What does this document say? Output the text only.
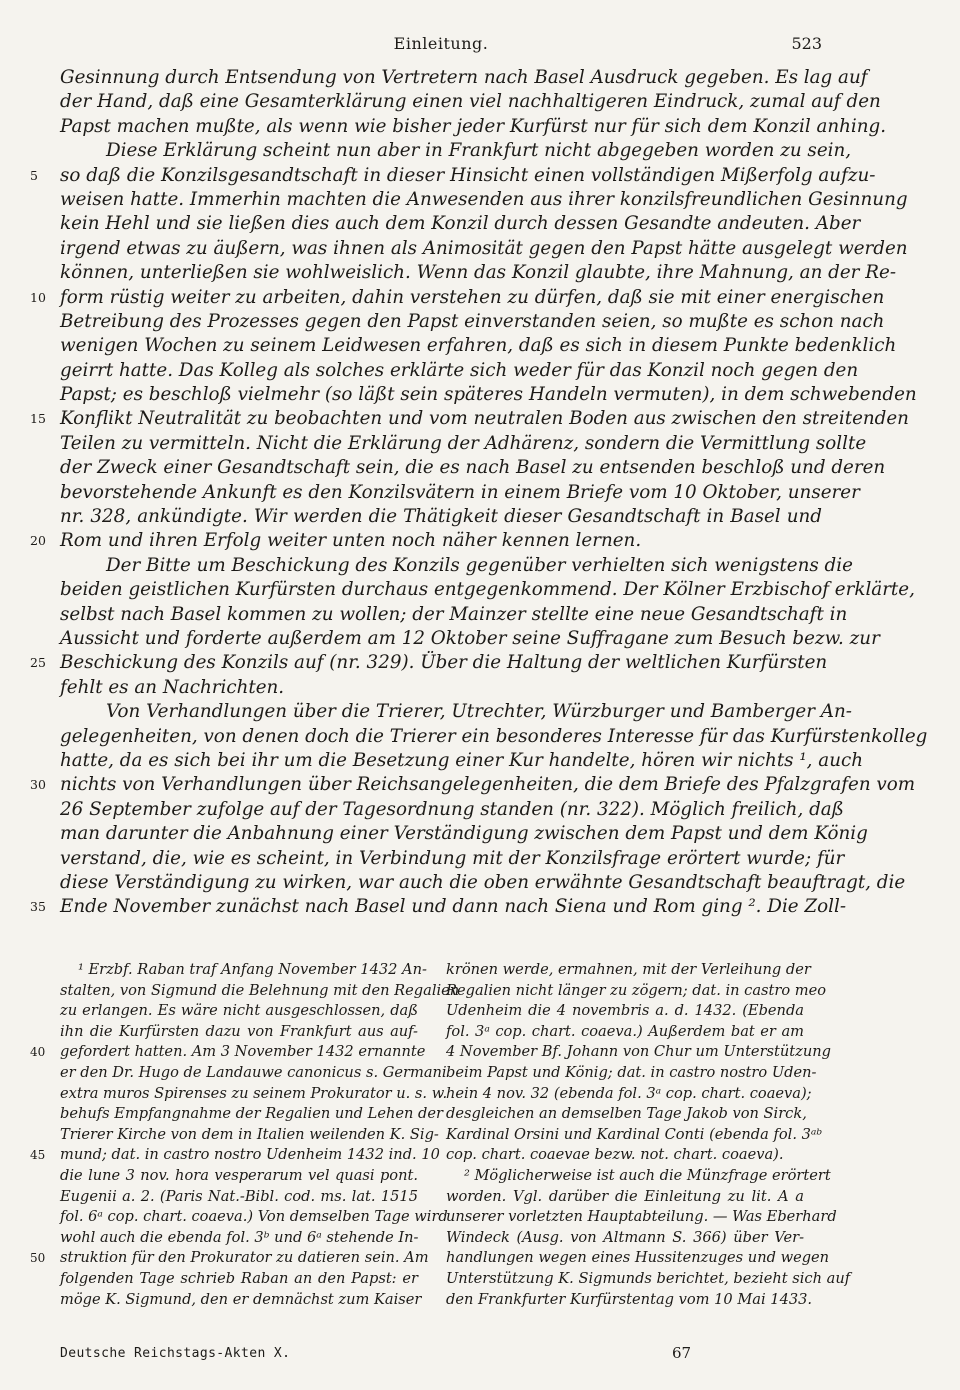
Einleitung.	523
Gesinnung durch Entsendung von Vertretern nach Basel Ausdruck gegeben. Es lag auf
der Hand, daß eine Gesamterklärung einen viel nachhaltigeren Eindruck, zumal auf den
Papst machen mußte, als wenn wie bisher jeder Kurfürst nur für sich dem Konzil anhing.
Diese Erklärung scheint nun aber in Frankfurt nicht abgegeben worden zu sein,
5	so daß die Konzilsgesandtschaft in dieser Hinsicht einen vollständigen Mißerfolg aufzu-
weisen hatte. Immerhin machten die Anwesenden aus ihrer konzilsfreundlichen Gesinnung
kein Hehl und sie ließen dies auch dem Konzil durch dessen Gesandte andeuten. Aber
irgend etwas zu äußern, was ihnen als Animosität gegen den Papst hätte ausgelegt werden
können, unterließen sie wohlweislich. Wenn das Konzil glaubte, ihre Mahnung, an der Re-
10 form rüstig weiter zu arbeiten, dahin verstehen zu dürfen, daß sie mit einer energischen
Betreibung des Prozesses gegen den Papst einverstanden seien, so mußte es schon nach
wenigen Wochen zu seinem Leidwesen erfahren, daß es sich in diesem Punkte bedenklich
geirrt hatte. Das Kolleg als solches erklärte sich weder für das Konzil noch gegen den
Papst; es beschloß vielmehr (so läßt sein späteres Handeln vermuten), in dem schwebenden
15 Konflikt Neutralität zu beobachten und vom neutralen Boden aus zwischen den streitenden
Teilen zu vermitteln. Nicht die Erklärung der Adhärenz, sondern die Vermittlung sollte
der Zweck einer Gesandtschaft sein, die es nach Basel zu entsenden beschloß und deren
bevorstehende Ankunft es den Konzilsvätern in einem Briefe vom 10 Oktober, unserer
nr. 328, ankündigte. Wir werden die Thätigkeit dieser Gesandtschaft in Basel und
20 Rom und ihren Erfolg weiter unten noch näher kennen lernen.
Der Bitte um Beschickung des Konzils gegenüber verhielten sich wenigstens die
beiden geistlichen Kurfürsten durchaus entgegenkommend. Der Kölner Erzbischof erklärte,
selbst nach Basel kommen zu wollen; der Mainzer stellte eine neue Gesandtschaft in
Aussicht und forderte außerdem am 12 Oktober seine Suffragane zum Besuch bezw. zur
25 Beschickung des Konzils auf (nr. 329). Über die Haltung der weltlichen Kurfürsten
fehlt es an Nachrichten.
Von Verhandlungen über die Trierer, Utrechter, Würzburger und Bamberger An-
gelegenheiten, von denen doch die Trierer ein besonderes Interesse für das Kurfürstenkolleg
hatte, da es sich bei ihr um die Besetzung einer Kur handelte, hören wir nichts ¹, auch
30 nichts von Verhandlungen über Reichsangelegenheiten, die dem Briefe des Pfalzgrafen vom
26 September zufolge auf der Tagesordnung standen (nr. 322). Möglich freilich, daß
man darunter die Anbahnung einer Verständigung zwischen dem Papst und dem König
verstand, die, wie es scheint, in Verbindung mit der Konzilsfrage erörtert wurde; für
diese Verständigung zu wirken, war auch die oben erwähnte Gesandtschaft beauftragt, die
35 Ende November zunächst nach Basel und dann nach Siena und Rom ging ². Die Zoll-
¹ Erzbf. Raban traf Anfang November 1432 An-
stalten, von Sigmund die Belehnung mit den Regalien
zu erlangen. Es wäre nicht ausgeschlossen, daß
ihn die Kurfürsten dazu von Frankfurt aus auf-
40	gefordert hatten. Am 3 November 1432 ernannte
er den Dr. Hugo de Landauwe canonicus s. Germani
extra muros Spirenses zu seinem Prokurator u. s. w.
behufs Empfangnahme der Regalien und Lehen der
Trierer Kirche von dem in Italien weilenden K. Sig-
45	mund; dat. in castro nostro Udenheim 1432 ind. 10
die lune 3 nov. hora vesperarum vel quasi pont.
Eugenii a. 2. (Paris Nat.-Bibl. cod. ms. lat. 1515
fol. 6ᵃ cop. chart. coaeva.) Von demselben Tage wird
wohl auch die ebenda fol. 3ᵇ und 6ᵃ stehende In-
50	struktion für den Prokurator zu datieren sein. Am
folgenden Tage schrieb Raban an den Papst: er
möge K. Sigmund, den er demnächst zum Kaiser
krönen werde, ermahnen, mit der Verleihung der
Regalien nicht länger zu zögern; dat. in castro meo
Udenheim die 4 novembris a. d. 1432. (Ebenda
fol. 3ᵃ cop. chart. coaeva.) Außerdem bat er am
4 November Bf. Johann von Chur um Unterstützung
beim Papst und König; dat. in castro nostro Uden-
hein 4 nov. 32 (ebenda fol. 3ᵃ cop. chart. coaeva);
desgleichen an demselben Tage Jakob von Sirck,
Kardinal Orsini und Kardinal Conti (ebenda fol. 3ᵃᵇ
cop. chart. coaevae bezw. not. chart. coaeva).
² Möglicherweise ist auch die Münzfrage erörtert
worden. Vgl. darüber die Einleitung zu lit. A a
unserer vorletzten Hauptabteilung. — Was Eberhard
Windeck (Ausg. von Altmann S. 366) über Ver-
handlungen wegen eines Hussitenzuges und wegen
Unterstützung K. Sigmunds berichtet, bezieht sich auf
den Frankfurter Kurfürstentag vom 10 Mai 1433.
Deutsche Reichstags-Akten X.	67
